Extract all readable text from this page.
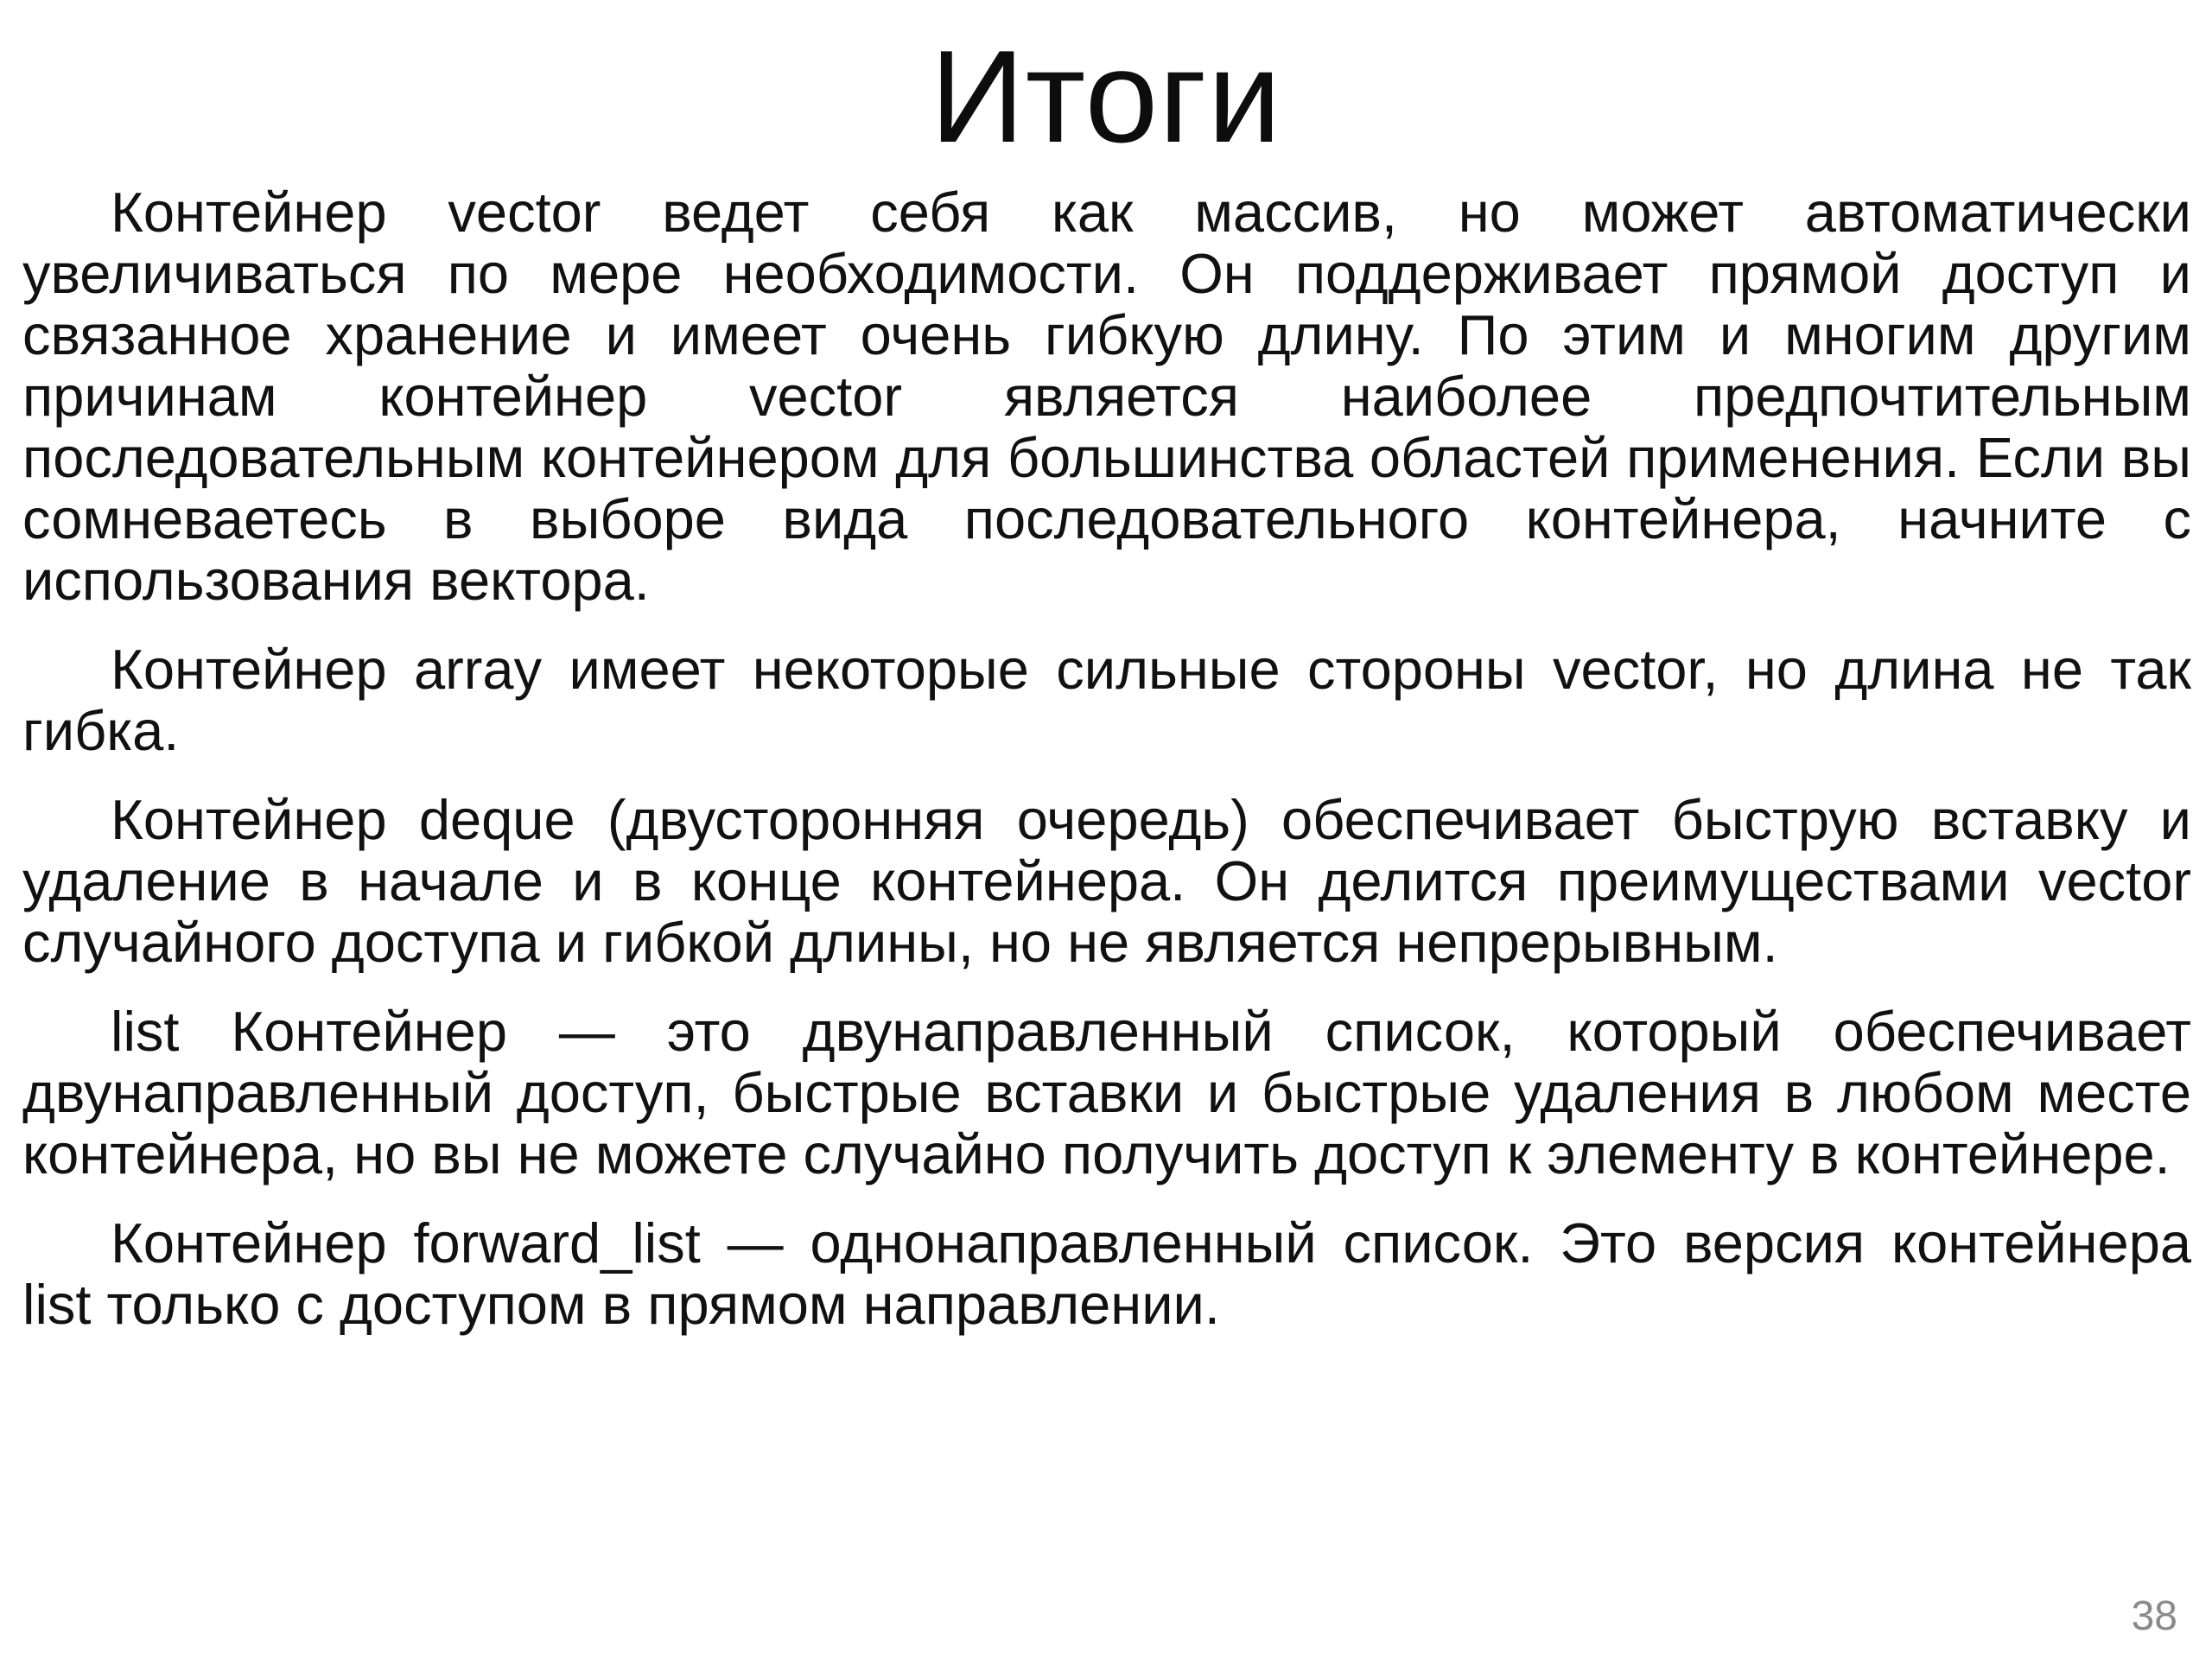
Итоги

Контейнер vector ведет себя как массив, но может автоматически увеличиваться по мере необходимости. Он поддерживает прямой доступ и связанное хранение и имеет очень гибкую длину. По этим и многим другим причинам контейнер vector является наиболее предпочтительным последовательным контейнером для большинства областей применения. Если вы сомневаетесь в выборе вида последовательного контейнера, начните с использования вектора.

Контейнер array имеет некоторые сильные стороны vector, но длина не так гибка.

Контейнер deque (двусторонняя очередь) обеспечивает быструю вставку и удаление в начале и в конце контейнера. Он делится преимуществами vector случайного доступа и гибкой длины, но не является непрерывным.

list Контейнер — это двунаправленный список, который обеспечивает двунаправленный доступ, быстрые вставки и быстрые удаления в любом месте контейнера, но вы не можете случайно получить доступ к элементу в контейнере.

Контейнер forward_list — однонаправленный список. Это версия контейнера list только с доступом в прямом направлении.

38
